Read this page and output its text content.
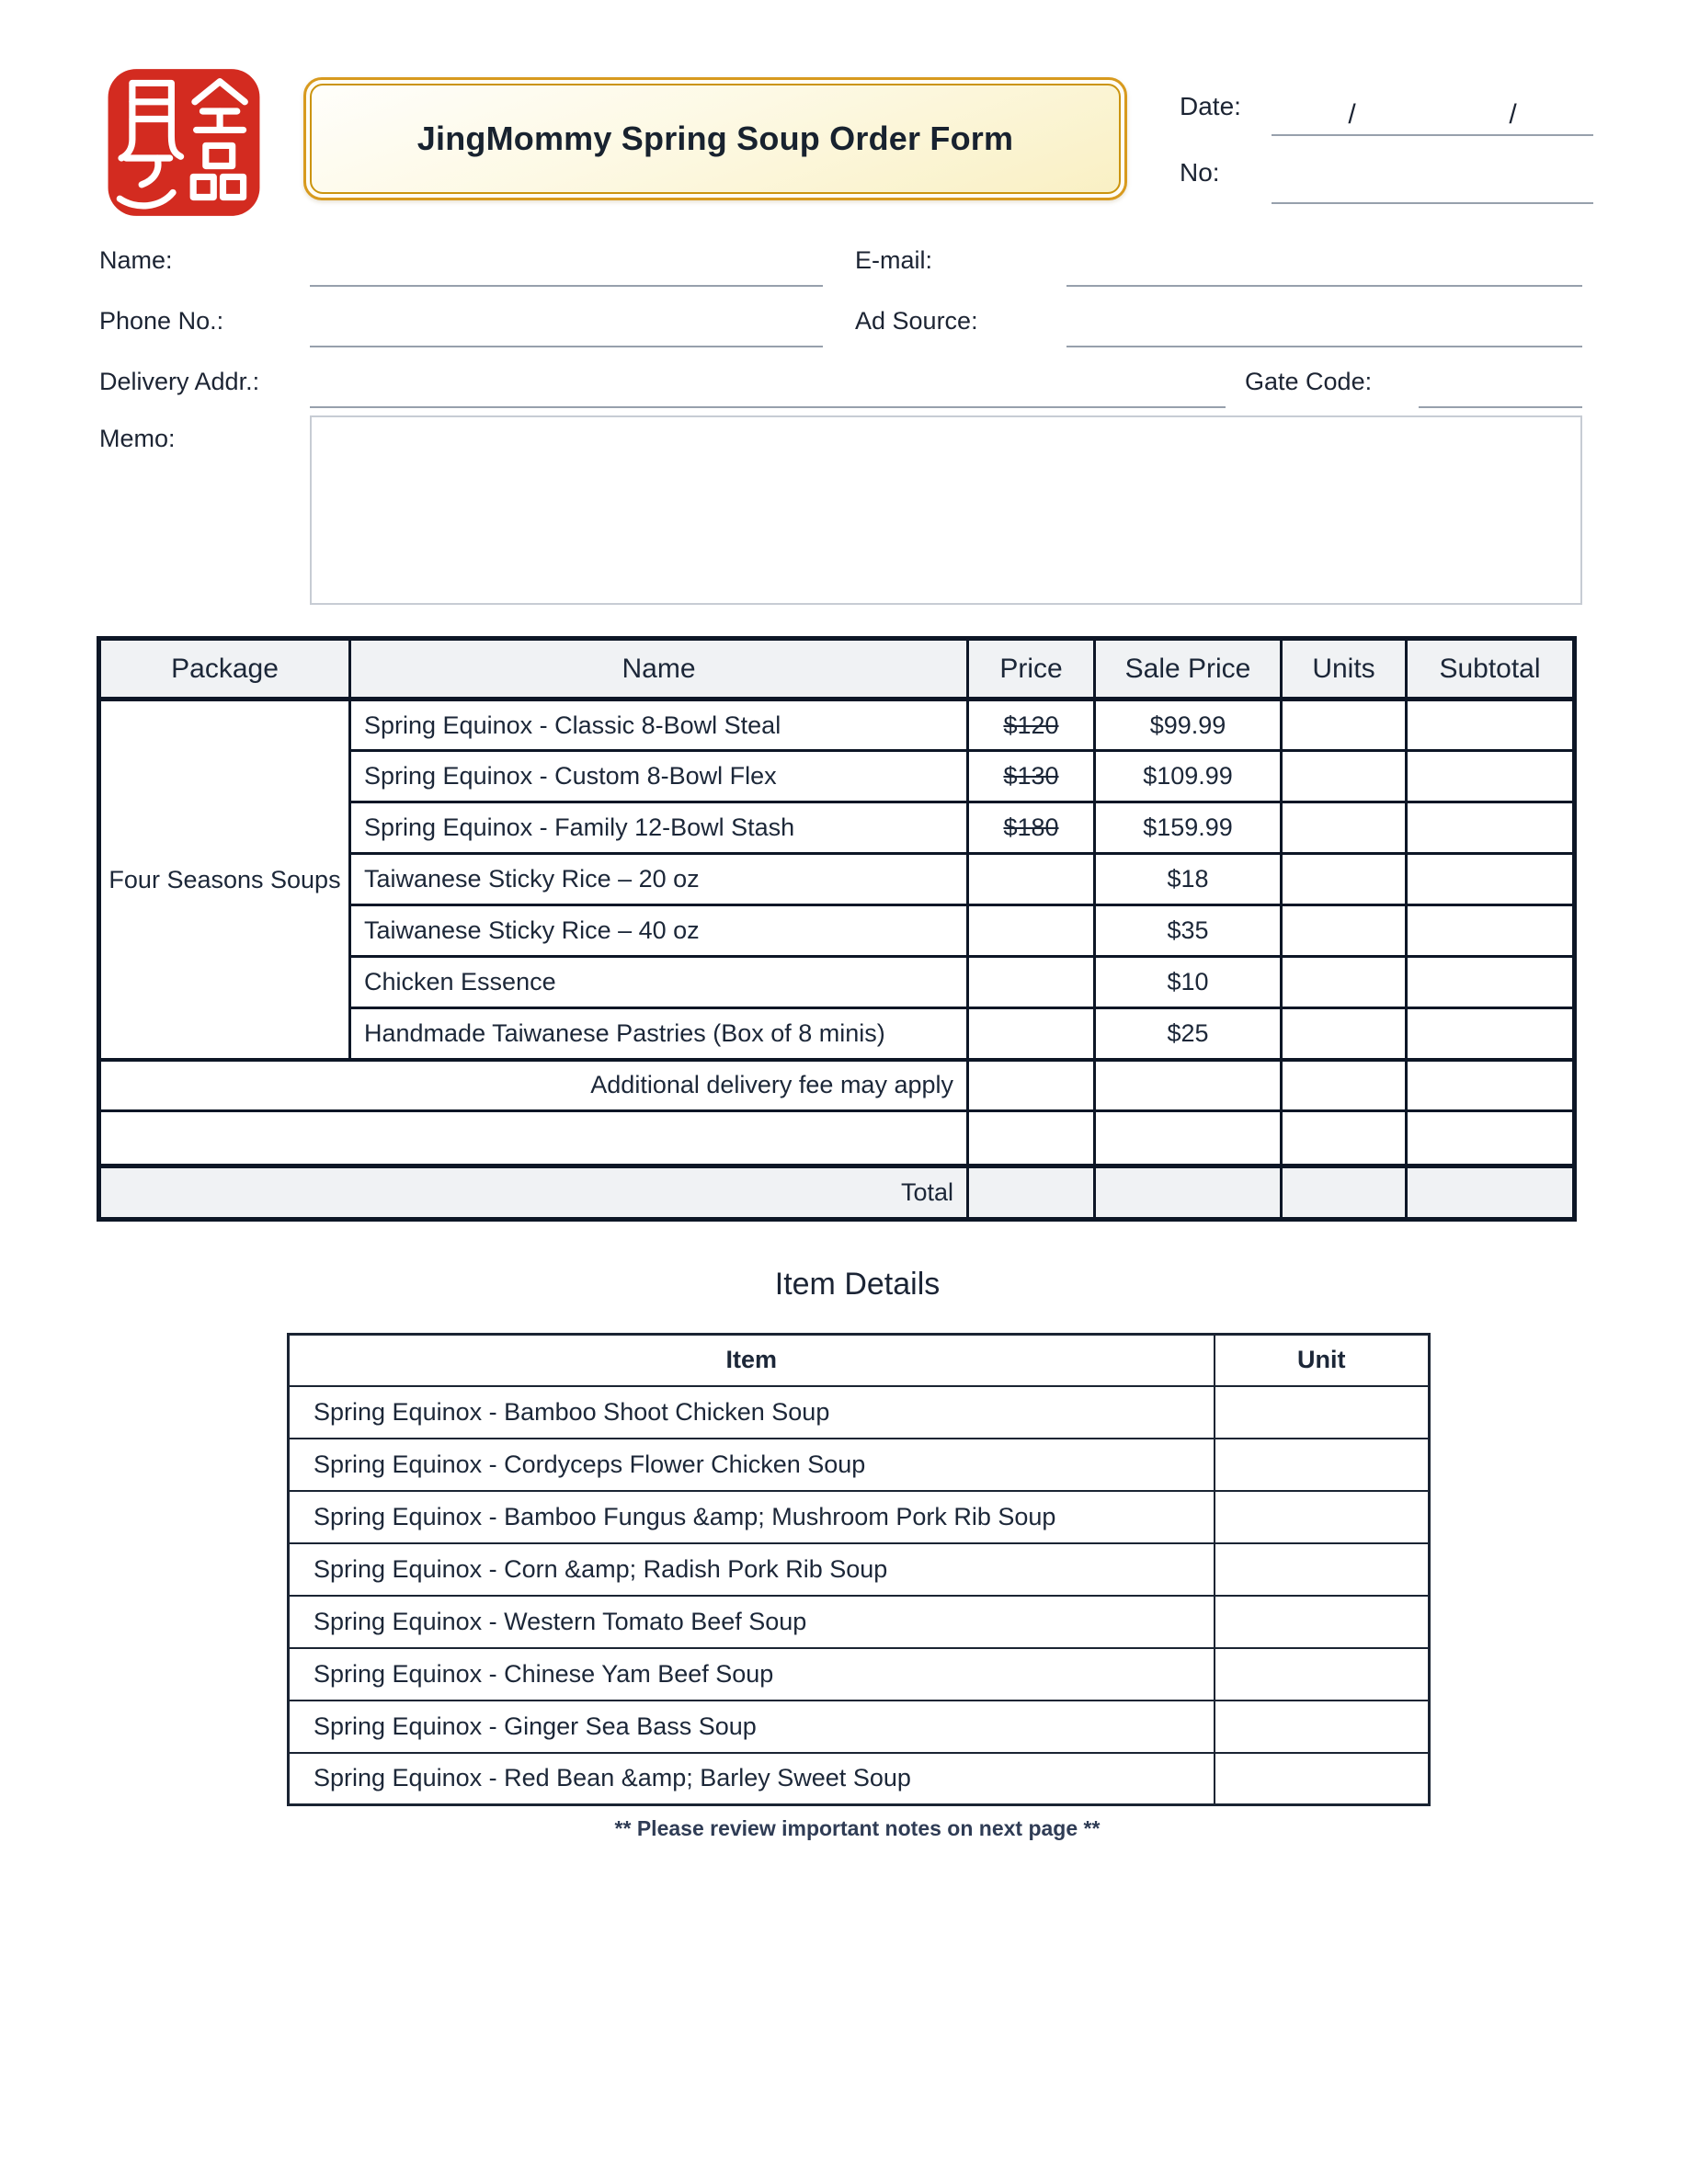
JingMommy Spring Soup Order Form
Date:	/	/
No:
Name:	E-mail:
Phone No.:	Ad Source:
Delivery Addr.:	Gate Code:
Memo:
Package	Name	Price	Sale Price	Units	Subtotal
Four Seasons Soups	Spring Equinox - Classic 8-Bowl Steal	$120	$99.99		
	Spring Equinox - Custom 8-Bowl Flex	$130	$109.99		
	Spring Equinox - Family 12-Bowl Stash	$180	$159.99		
	Taiwanese Sticky Rice – 20 oz		$18		
	Taiwanese Sticky Rice – 40 oz		$35		
	Chicken Essence		$10		
	Handmade Taiwanese Pastries (Box of 8 minis)		$25		
Additional delivery fee may apply					

Total					
Item Details
Item	Unit
Spring Equinox - Bamboo Shoot Chicken Soup	
Spring Equinox - Cordyceps Flower Chicken Soup	
Spring Equinox - Bamboo Fungus &amp; Mushroom Pork Rib Soup	
Spring Equinox - Corn &amp; Radish Pork Rib Soup	
Spring Equinox - Western Tomato Beef Soup	
Spring Equinox - Chinese Yam Beef Soup	
Spring Equinox - Ginger Sea Bass Soup	
Spring Equinox - Red Bean &amp; Barley Sweet Soup	
** Please review important notes on next page **
